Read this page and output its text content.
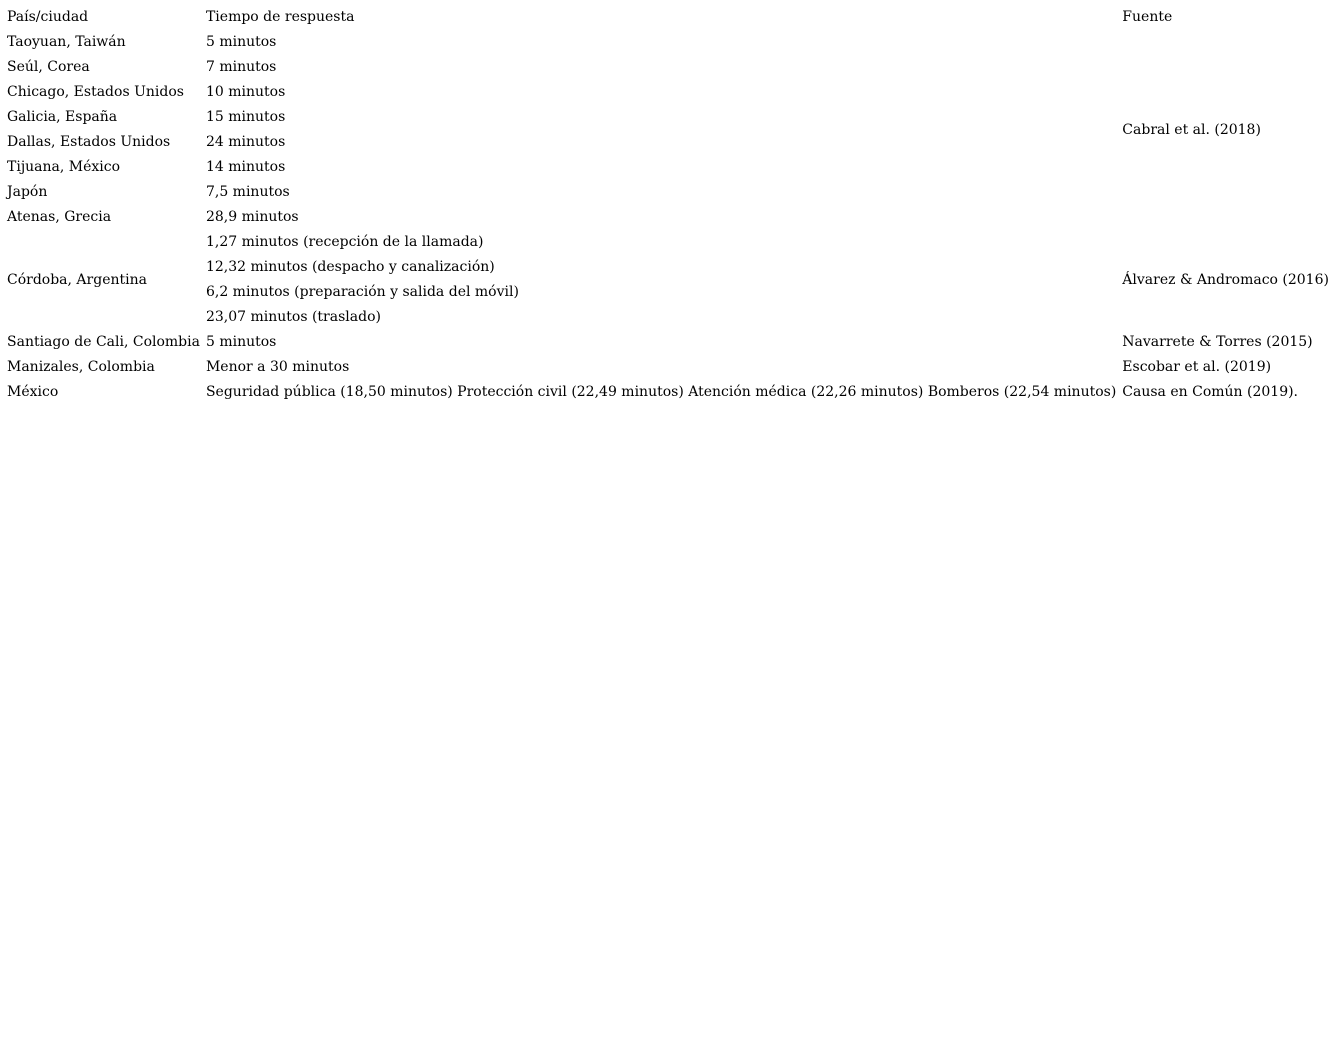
País/ciudad	Tiempo de respuesta	Fuente
Taoyuan, Taiwán	5 minutos	Cabral et al. (2018)
Seúl, Corea	7 minutos	
Chicago, Estados Unidos	10 minutos	
Galicia, España	15 minutos	
Dallas, Estados Unidos	24 minutos	
Tijuana, México	14 minutos	
Japón	7,5 minutos	
Atenas, Grecia	28,9 minutos	
Córdoba, Argentina	1,27 minutos (recepción de la llamada)	Álvarez & Andromaco (2016)
	12,32 minutos (despacho y canalización)	
	6,2 minutos (preparación y salida del móvil)	
	23,07 minutos (traslado)	
Santiago de Cali, Colombia	5 minutos	Navarrete & Torres (2015)
Manizales, Colombia	Menor a 30 minutos	Escobar et al. (2019)
México	Seguridad pública (18,50 minutos) Protección civil (22,49 minutos) Atención médica (22,26 minutos) Bomberos (22,54 minutos)	Causa en Común (2019).
